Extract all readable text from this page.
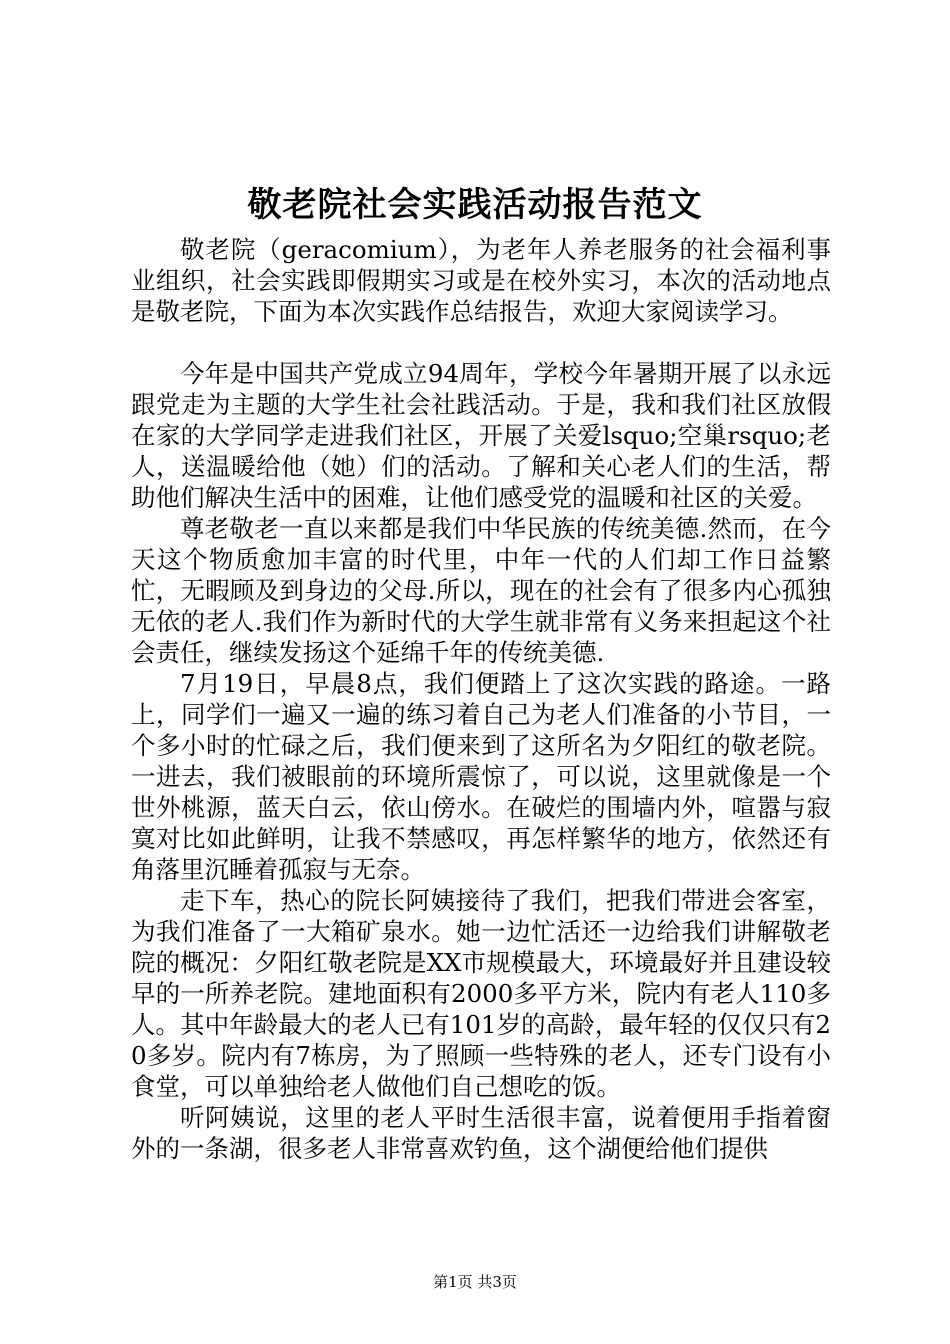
敬老院社会实践活动报告范文

敬老院（geracomium），为老年人养老服务的社会福利事业组织，社会实践即假期实习或是在校外实习，本次的活动地点是敬老院，下面为本次实践作总结报告，欢迎大家阅读学习。

今年是中国共产党成立94周年，学校今年暑期开展了以永远跟党走为主题的大学生社会社践活动。于是，我和我们社区放假在家的大学同学走进我们社区，开展了关爱lsquo;空巢rsquo;老人，送温暖给他（她）们的活动。了解和关心老人们的生活，帮助他们解决生活中的困难，让他们感受党的温暖和社区的关爱。

尊老敬老一直以来都是我们中华民族的传统美德.然而，在今天这个物质愈加丰富的时代里，中年一代的人们却工作日益繁忙，无暇顾及到身边的父母.所以，现在的社会有了很多内心孤独无依的老人.我们作为新时代的大学生就非常有义务来担起这个社会责任，继续发扬这个延绵千年的传统美德.

7月19日，早晨8点，我们便踏上了这次实践的路途。一路上，同学们一遍又一遍的练习着自己为老人们准备的小节目，一个多小时的忙碌之后，我们便来到了这所名为夕阳红的敬老院。一进去，我们被眼前的环境所震惊了，可以说，这里就像是一个世外桃源，蓝天白云，依山傍水。在破烂的围墙内外，喧嚣与寂寞对比如此鲜明，让我不禁感叹，再怎样繁华的地方，依然还有角落里沉睡着孤寂与无奈。

走下车，热心的院长阿姨接待了我们，把我们带进会客室，为我们准备了一大箱矿泉水。她一边忙活还一边给我们讲解敬老院的概况：夕阳红敬老院是XX市规模最大，环境最好并且建设较早的一所养老院。建地面积有2000多平方米，院内有老人110多人。其中年龄最大的老人已有101岁的高龄，最年轻的仅仅只有20多岁。院内有7栋房，为了照顾一些特殊的老人，还专门设有小食堂，可以单独给老人做他们自己想吃的饭。

听阿姨说，这里的老人平时生活很丰富，说着便用手指着窗外的一条湖，很多老人非常喜欢钓鱼，这个湖便给他们提供

第1页 共3页
